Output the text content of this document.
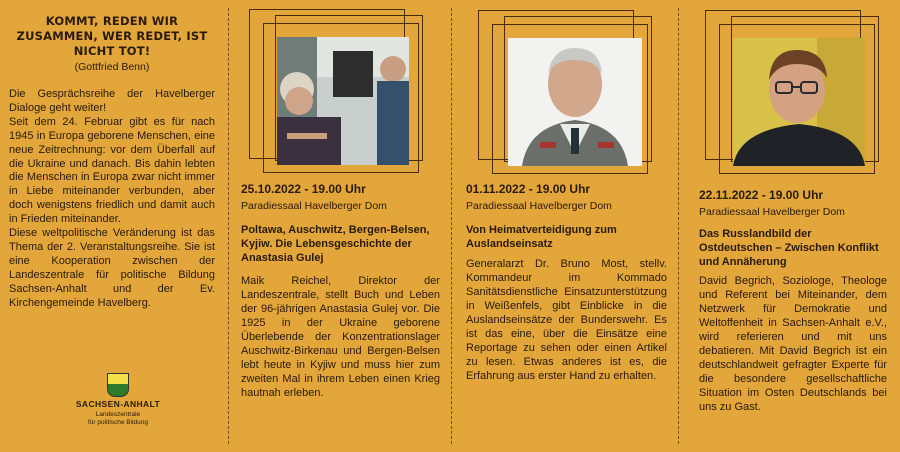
KOMMT, REDEN WIR ZUSAMMEN, WER REDET, IST NICHT TOT!
(Gottfried Benn)

Die Gesprächsreihe der Havelberger Dialoge geht weiter!

Seit dem 24. Februar gibt es für nach 1945 in Europa geborene Menschen, eine neue Zeitrechnung: vor dem Überfall auf die Ukraine und danach. Bis dahin lebten die Menschen in Europa zwar nicht immer in Liebe miteinander verbunden, aber doch wenigstens friedlich und damit auch in Frieden miteinander.

Diese weltpolitische Veränderung ist das Thema der 2. Veranstaltungsreihe. Sie ist eine Kooperation zwischen der Landeszentrale für politische Bildung Sachsen-Anhalt und der Ev. Kirchengemeinde Havelberg.

SACHSEN-ANHALT
Landeszentrale
für politische Bildung
25.10.2022 - 19.00 Uhr
Paradiessaal Havelberger Dom
Poltawa, Auschwitz, Bergen-Belsen, Kyjiw. Die Lebensgeschichte der Anastasia Gulej
Maik Reichel, Direktor der Landeszentrale, stellt Buch und Leben der 96-jährigen Anastasia Gulej vor. Die 1925 in der Ukraine geborene Überlebende der Konzentrationslager Auschwitz-Birkenau und Bergen-Belsen lebt heute in Kyjiw und muss hier zum zweiten Mal in ihrem Leben einen Krieg hautnah erleben.
01.11.2022 - 19.00 Uhr
Paradiessaal Havelberger Dom
Von Heimatverteidigung zum Auslandseinsatz
Generalarzt Dr. Bruno Most, stellv. Kommandeur im Kommado Sanitätsdienstliche Einsatzunterstützung in Weißenfels, gibt Einblicke in die Auslandseinsätze der Bunderswehr. Es ist das eine, über die Einsätze eine Reportage zu sehen oder einen Artikel zu lesen. Etwas anderes ist es, die Erfahrung aus erster Hand zu erhalten.
22.11.2022 - 19.00 Uhr
Paradiessaal Havelberger Dom
Das Russlandbild der Ostdeutschen – Zwischen Konflikt und Annäherung
David Begrich, Soziologe, Theologe und Referent bei Miteinander, dem Netzwerk für Demokratie und Weltoffenheit in Sachsen-Anhalt e.V., wird referieren und mit uns debatieren. Mit David Begrich ist ein deutschlandweit gefragter Experte für die besondere gesellschaftliche Situation im Osten Deutschlands bei uns zu Gast.
